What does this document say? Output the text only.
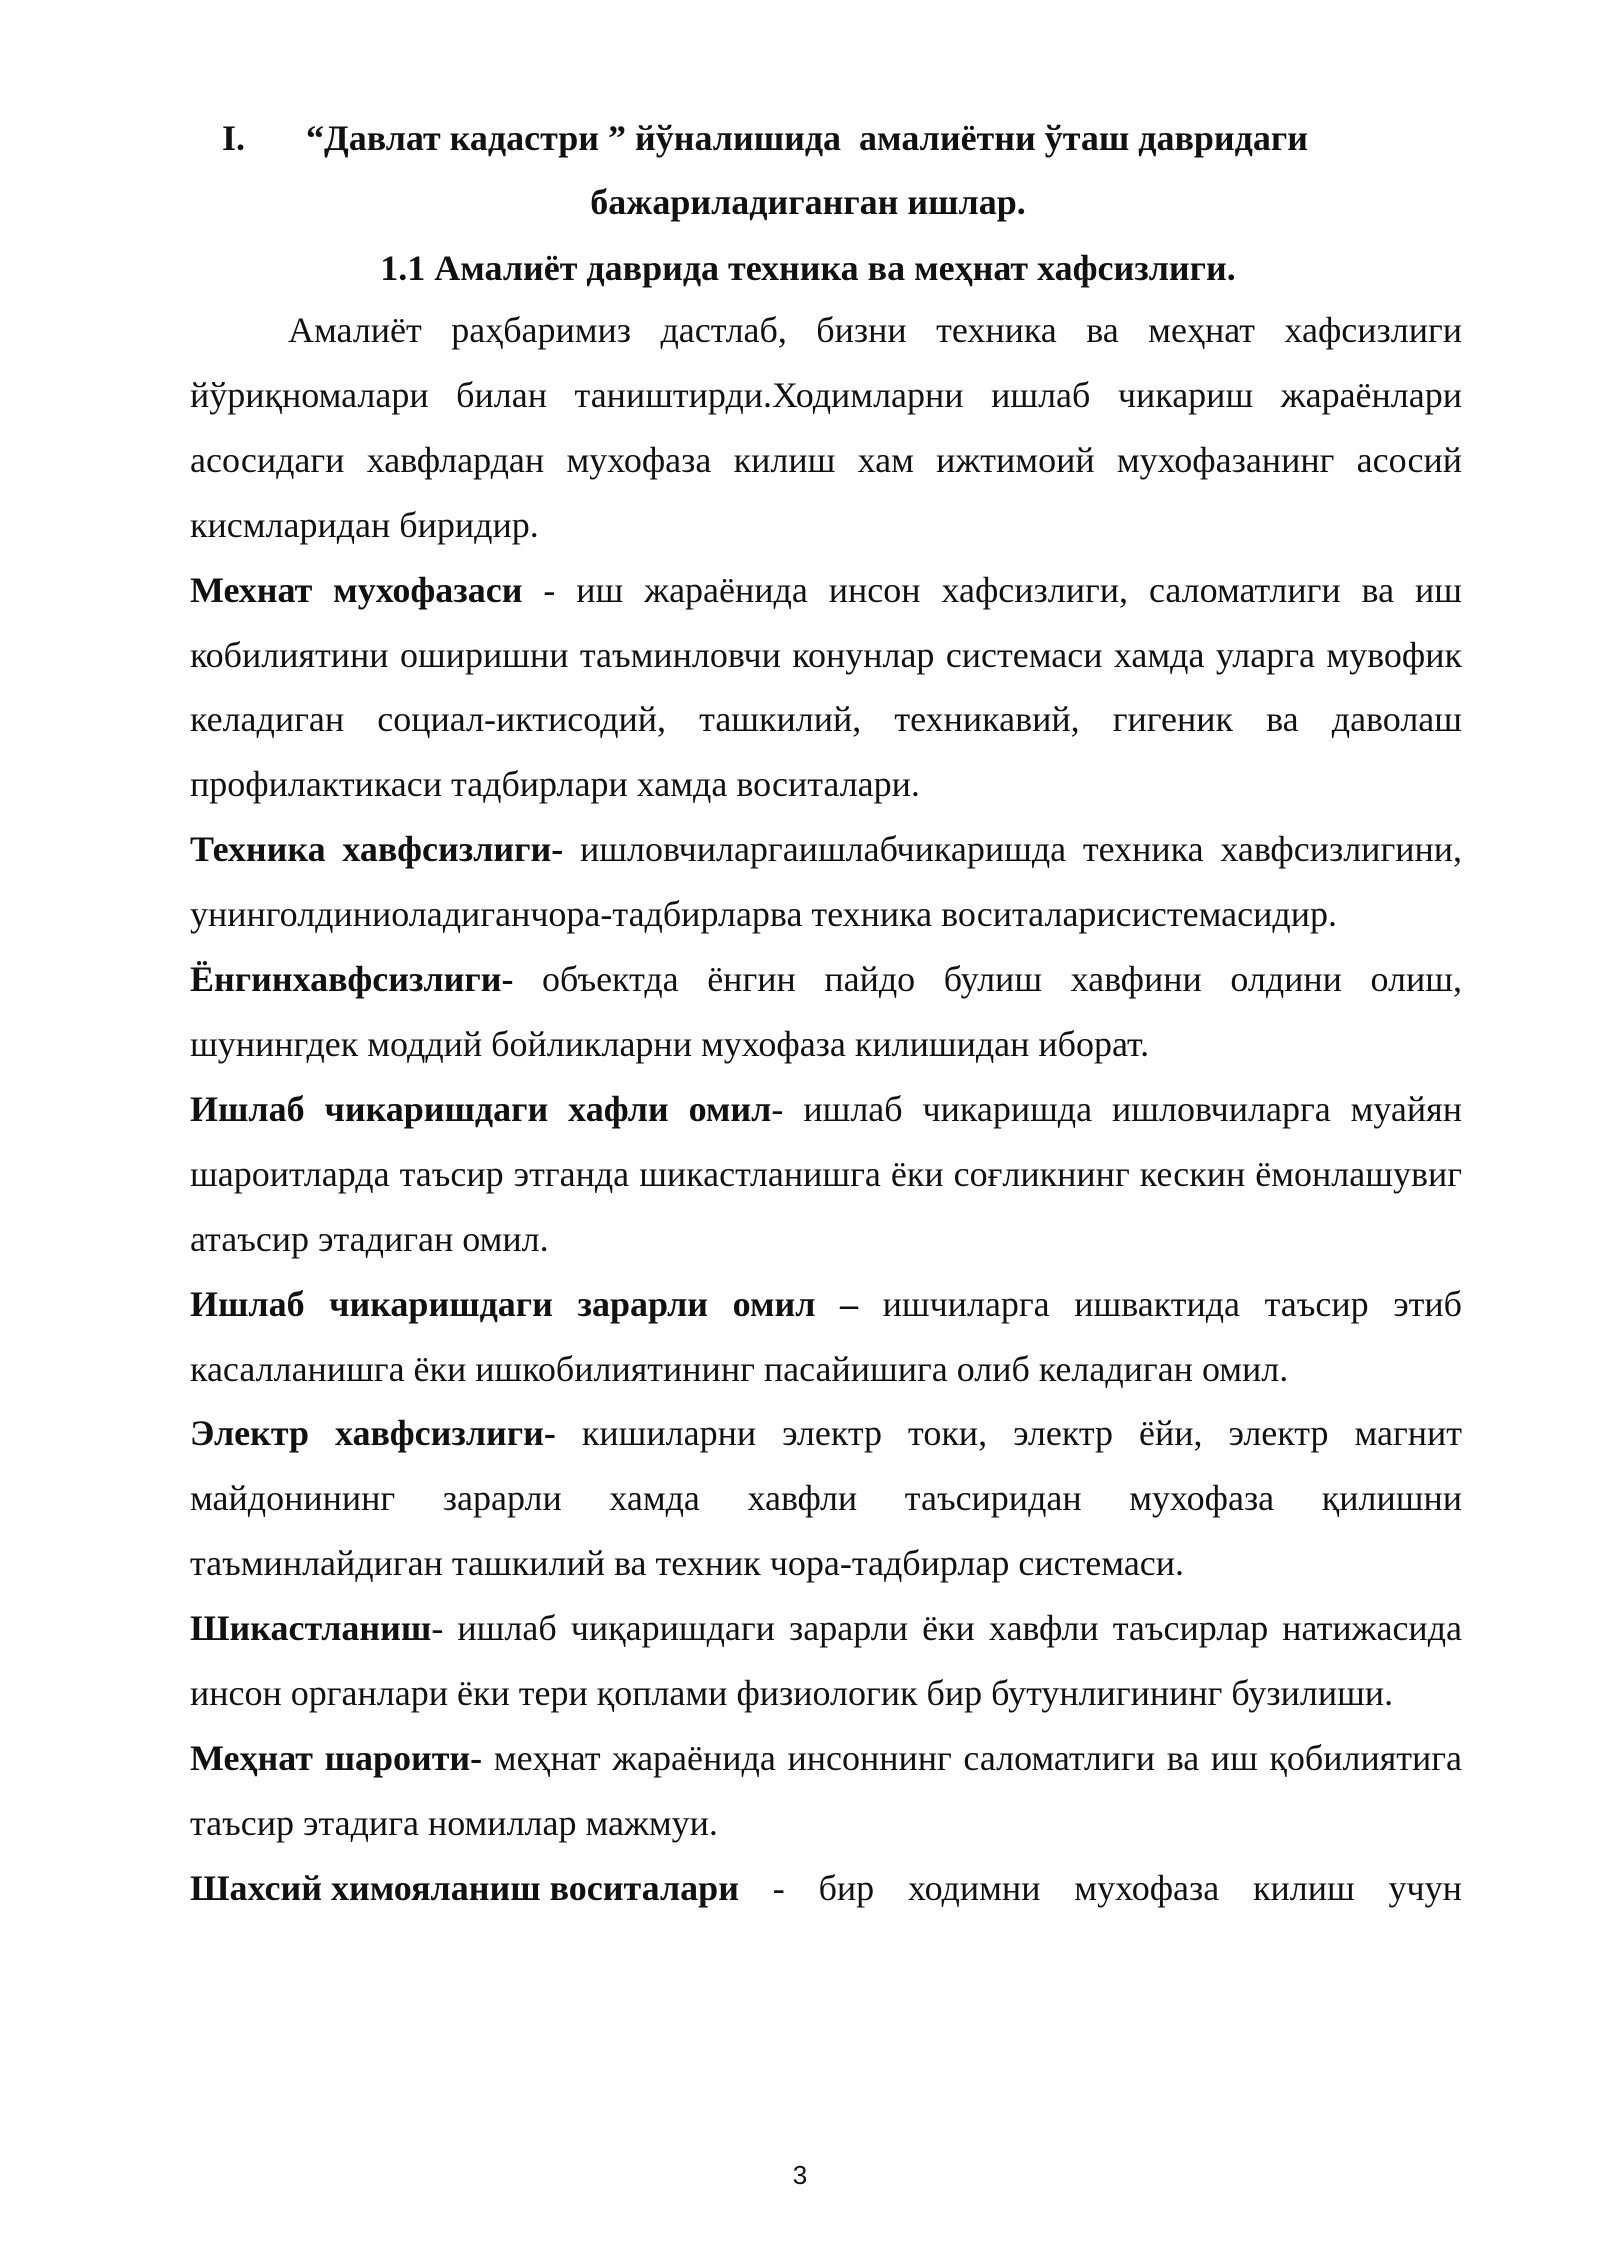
I. “Давлат кадастри ” йўналишида  амалиётни ўташ давридаги
бажариладиганган ишлар.
1.1 Амалиёт даврида техника ва меҳнат хафсизлиги.

Амалиёт раҳбаримиз дастлаб, бизни техника ва меҳнат хафсизлиги йўриқномалари билан таништирди.Ходимларни ишлаб чикариш жараёнлари асосидаги хавфлардан мухофаза килиш хам ижтимоий мухофазанинг асосий кисмларидан биридир.

Мехнат мухофазаси - иш жараёнида инсон хафсизлиги, саломатлиги ва иш кобилиятини оширишни таъминловчи конунлар системаси хамда уларга мувофик келадиган социал-иктисодий, ташкилий, техникавий, гигеник ва даволаш профилактикаси тадбирлари хамда воситалари.

Техника хавфсизлиги- ишловчиларгаишлабчикаришда техника хавфсизлигини, унинголдиниоладиганчора-тадбирларва техника воситаларисистемасидир.

Ёнгинхавфсизлиги- объектда ёнгин пайдо булиш хавфини олдини олиш, шунингдек моддий бойликларни мухофаза килишидан иборат.

Ишлаб чикаришдаги хафли омил- ишлаб чикаришда ишловчиларга муайян шароитларда таъсир этганда шикастланишга ёки соғликнинг кескин ёмонлашувиг атаъсир этадиган омил.

Ишлаб чикаришдаги зарарли омил – ишчиларга ишвактида таъсир этиб касалланишга ёки ишкобилиятининг пасайишига олиб келадиган омил.

Электр хавфсизлиги- кишиларни электр токи, электр ёйи, электр магнит майдонининг зарарли хамда хавфли таъсиридан мухофаза қилишни таъминлайдиган ташкилий ва техник чора-тадбирлар системаси.

Шикастланиш- ишлаб чиқаришдаги зарарли ёки хавфли таъсирлар натижасида инсон органлари ёки тери қоплами физиологик бир бутунлигининг бузилиши.

Меҳнат шароити- меҳнат жараёнида инсоннинг саломатлиги ва иш қобилиятига таъсир этадига номиллар мажмуи.

Шахсий химояланиш воситалари - бир ходимни мухофаза килиш учун
3
